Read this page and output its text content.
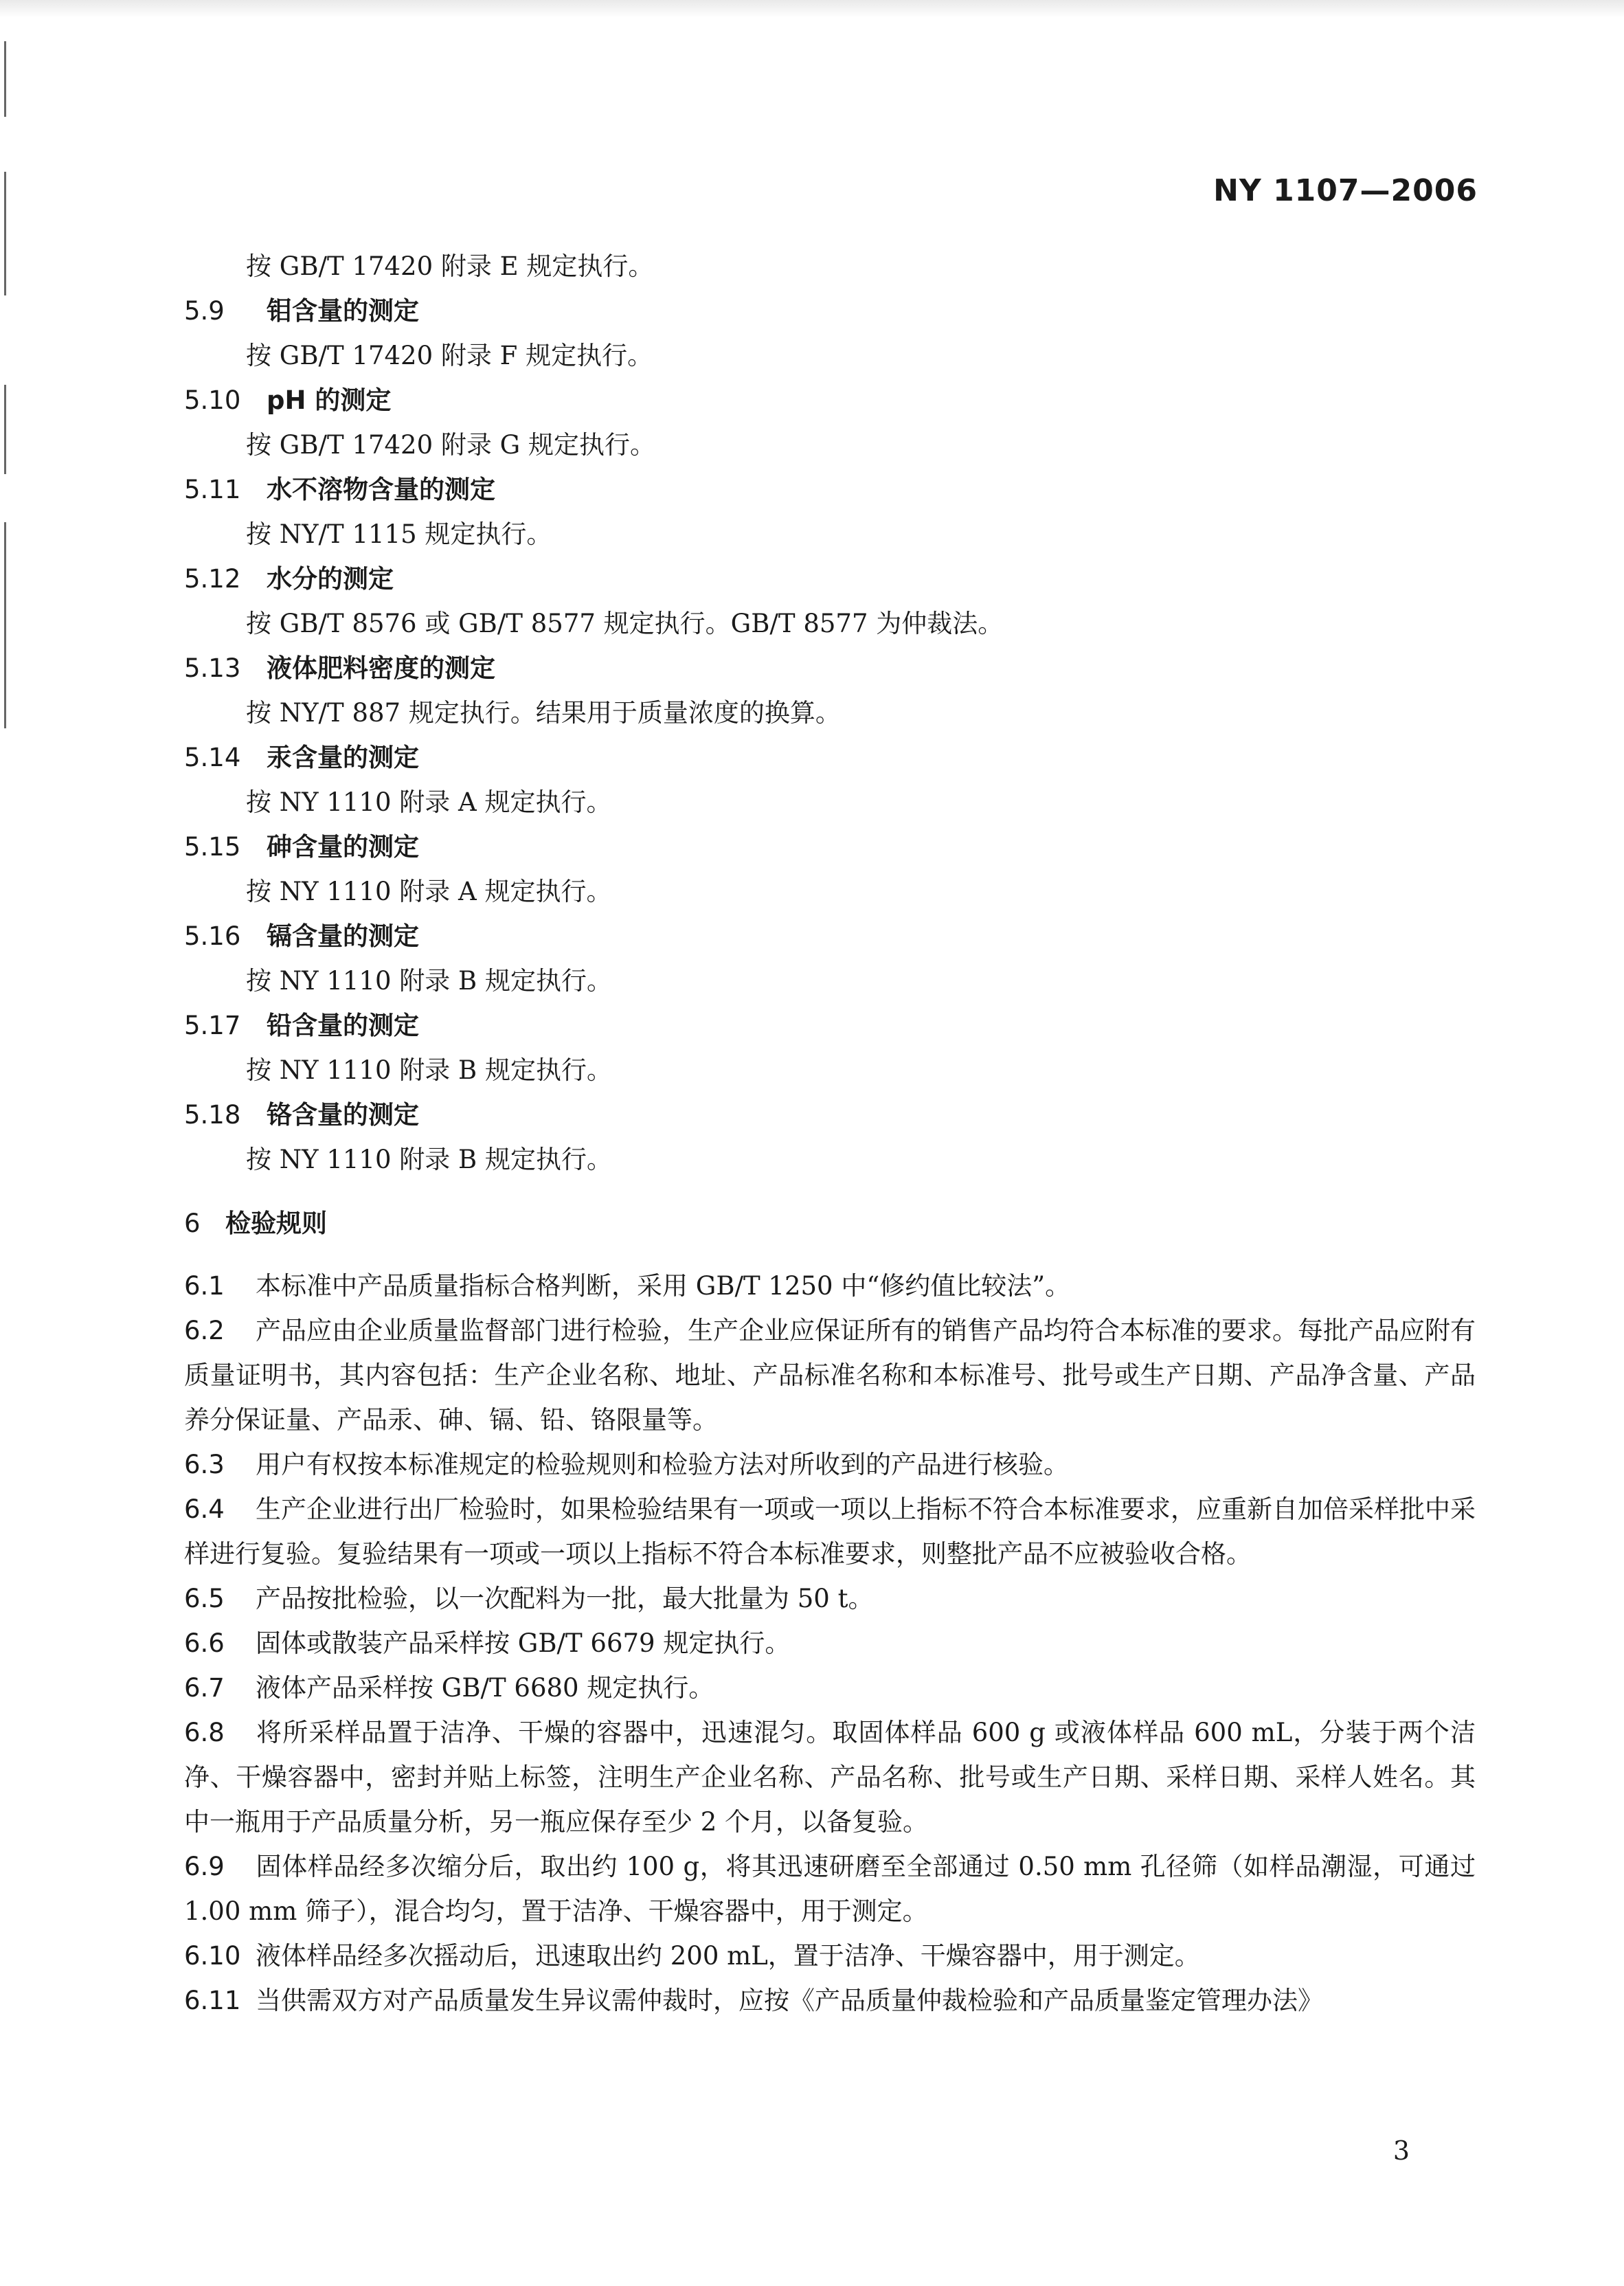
NY 1107—2006
按 GB/T 17420 附录 E 规定执行。
5.9 钼含量的测定
按 GB/T 17420 附录 F 规定执行。
5.10 pH 的测定
按 GB/T 17420 附录 G 规定执行。
5.11 水不溶物含量的测定
按 NY/T 1115 规定执行。
5.12 水分的测定
按 GB/T 8576 或 GB/T 8577 规定执行。GB/T 8577 为仲裁法。
5.13 液体肥料密度的测定
按 NY/T 887 规定执行。结果用于质量浓度的换算。
5.14 汞含量的测定
按 NY 1110 附录 A 规定执行。
5.15 砷含量的测定
按 NY 1110 附录 A 规定执行。
5.16 镉含量的测定
按 NY 1110 附录 B 规定执行。
5.17 铅含量的测定
按 NY 1110 附录 B 规定执行。
5.18 铬含量的测定
按 NY 1110 附录 B 规定执行。
6 检验规则

6.1 本标准中产品质量指标合格判断，采用 GB/T 1250 中“修约值比较法”。

6.2 产品应由企业质量监督部门进行检验，生产企业应保证所有的销售产品均符合本标准的要求。每批产品应附有质量证明书，其内容包括：生产企业名称、地址、产品标准名称和本标准号、批号或生产日期、产品净含量、产品养分保证量、产品汞、砷、镉、铅、铬限量等。

6.3 用户有权按本标准规定的检验规则和检验方法对所收到的产品进行核验。

6.4 生产企业进行出厂检验时，如果检验结果有一项或一项以上指标不符合本标准要求，应重新自加倍采样批中采样进行复验。复验结果有一项或一项以上指标不符合本标准要求，则整批产品不应被验收合格。

6.5 产品按批检验，以一次配料为一批，最大批量为 50 t。

6.6 固体或散装产品采样按 GB/T 6679 规定执行。

6.7 液体产品采样按 GB/T 6680 规定执行。

6.8 将所采样品置于洁净、干燥的容器中，迅速混匀。取固体样品 600 g 或液体样品 600 mL，分装于两个洁净、干燥容器中，密封并贴上标签，注明生产企业名称、产品名称、批号或生产日期、采样日期、采样人姓名。其中一瓶用于产品质量分析，另一瓶应保存至少 2 个月，以备复验。

6.9 固体样品经多次缩分后，取出约 100 g，将其迅速研磨至全部通过 0.50 mm 孔径筛（如样品潮湿，可通过 1.00 mm 筛子），混合均匀，置于洁净、干燥容器中，用于测定。

6.10 液体样品经多次摇动后，迅速取出约 200 mL，置于洁净、干燥容器中，用于测定。

6.11 当供需双方对产品质量发生异议需仲裁时，应按《产品质量仲裁检验和产品质量鉴定管理办法》

3
